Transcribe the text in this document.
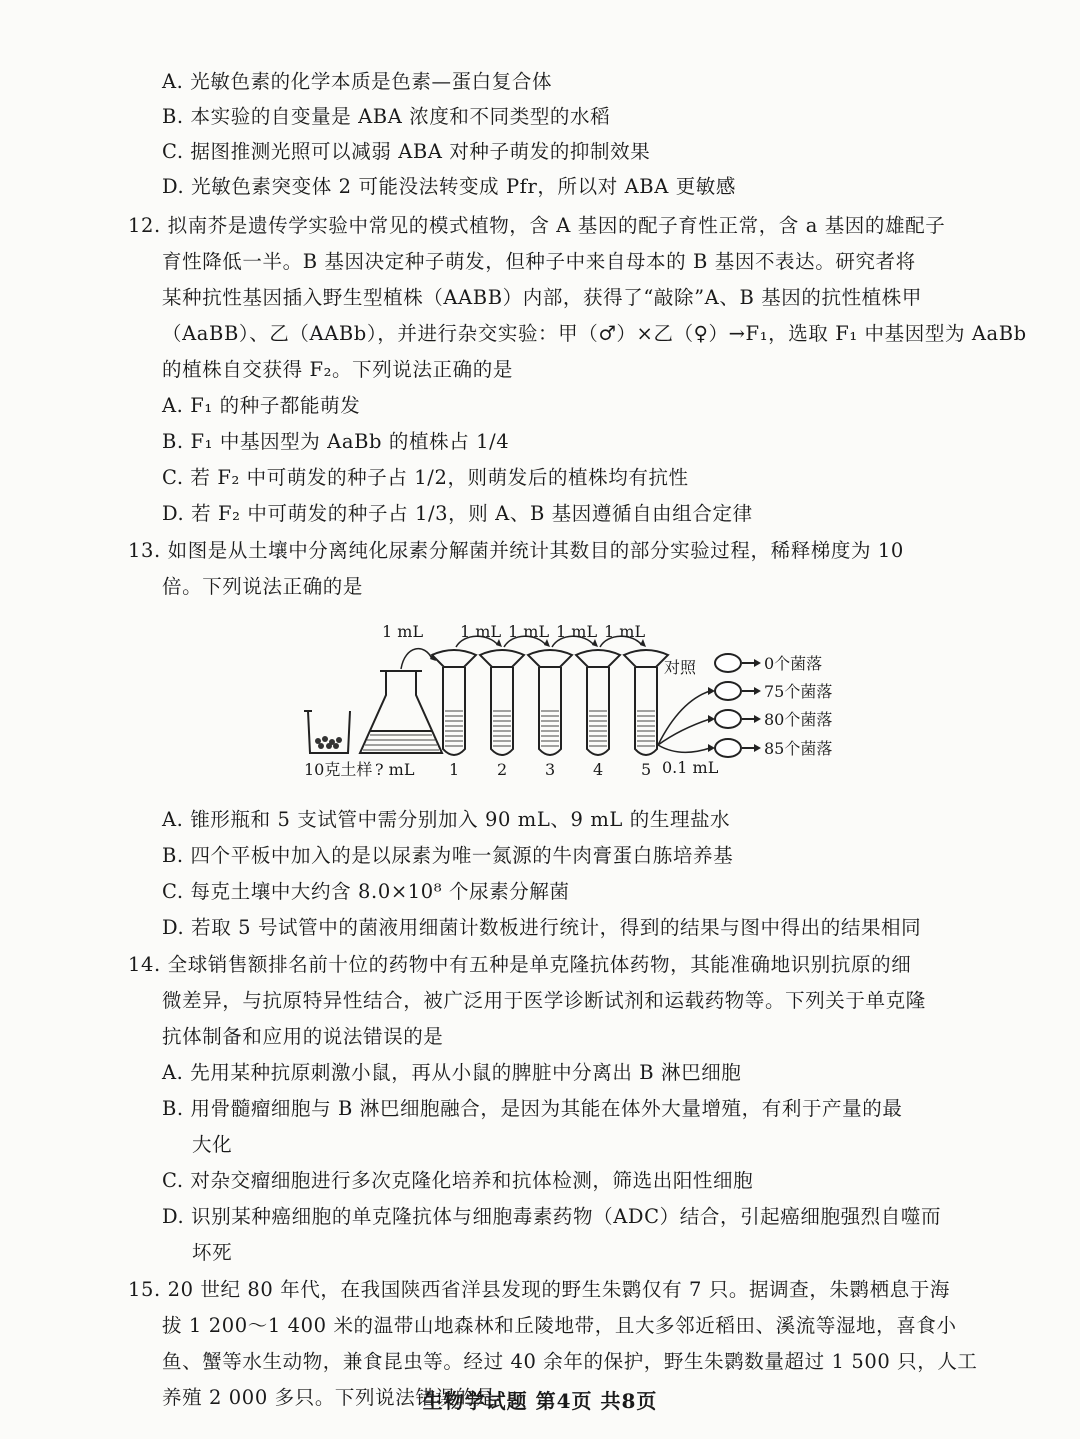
A. 光敏色素的化学本质是色素—蛋白复合体
B. 本实验的自变量是 ABA 浓度和不同类型的水稻
C. 据图推测光照可以减弱 ABA 对种子萌发的抑制效果
D. 光敏色素突变体 2 可能没法转变成 Pfr，所以对 ABA 更敏感
12. 拟南芥是遗传学实验中常见的模式植物，含 A 基因的配子育性正常，含 a 基因的雄配子
育性降低一半。B 基因决定种子萌发，但种子中来自母本的 B 基因不表达。研究者将
某种抗性基因插入野生型植株（AABB）内部，获得了“敲除”A、B 基因的抗性植株甲
（AaBB）、乙（AABb），并进行杂交实验：甲（♂）×乙（♀）→F₁，选取 F₁ 中基因型为 AaBb
的植株自交获得 F₂。下列说法正确的是
A. F₁ 的种子都能萌发
B. F₁ 中基因型为 AaBb 的植株占 1/4
C. 若 F₂ 中可萌发的种子占 1/2，则萌发后的植株均有抗性
D. 若 F₂ 中可萌发的种子占 1/3，则 A、B 基因遵循自由组合定律
13. 如图是从土壤中分离纯化尿素分解菌并统计其数目的部分实验过程，稀释梯度为 10
倍。下列说法正确的是
A. 锥形瓶和 5 支试管中需分别加入 90 mL、9 mL 的生理盐水
B. 四个平板中加入的是以尿素为唯一氮源的牛肉膏蛋白胨培养基
C. 每克土壤中大约含 8.0×10⁸ 个尿素分解菌
D. 若取 5 号试管中的菌液用细菌计数板进行统计，得到的结果与图中得出的结果相同
14. 全球销售额排名前十位的药物中有五种是单克隆抗体药物，其能准确地识别抗原的细
微差异，与抗原特异性结合，被广泛用于医学诊断试剂和运载药物等。下列关于单克隆
抗体制备和应用的说法错误的是
A. 先用某种抗原刺激小鼠，再从小鼠的脾脏中分离出 B 淋巴细胞
B. 用骨髓瘤细胞与 B 淋巴细胞融合，是因为其能在体外大量增殖，有利于产量的最
大化
C. 对杂交瘤细胞进行多次克隆化培养和抗体检测，筛选出阳性细胞
D. 识别某种癌细胞的单克隆抗体与细胞毒素药物（ADC）结合，引起癌细胞强烈自噬而
坏死
15. 20 世纪 80 年代，在我国陕西省洋县发现的野生朱鹮仅有 7 只。据调查，朱鹮栖息于海
拔 1 200～1 400 米的温带山地森林和丘陵地带，且大多邻近稻田、溪流等湿地，喜食小
鱼、蟹等水生动物，兼食昆虫等。经过 40 余年的保护，野生朱鹮数量超过 1 500 只，人工
养殖 2 000 多只。下列说法错误的是
10克土样 ? mL
1 mL
1
1 mL
2
1 mL
3
1 mL
4
1 mL
5
对照	0个菌落
75个菌落
80个菌落
85个菌落
0.1 mL
生物学试题 第4页 共8页
